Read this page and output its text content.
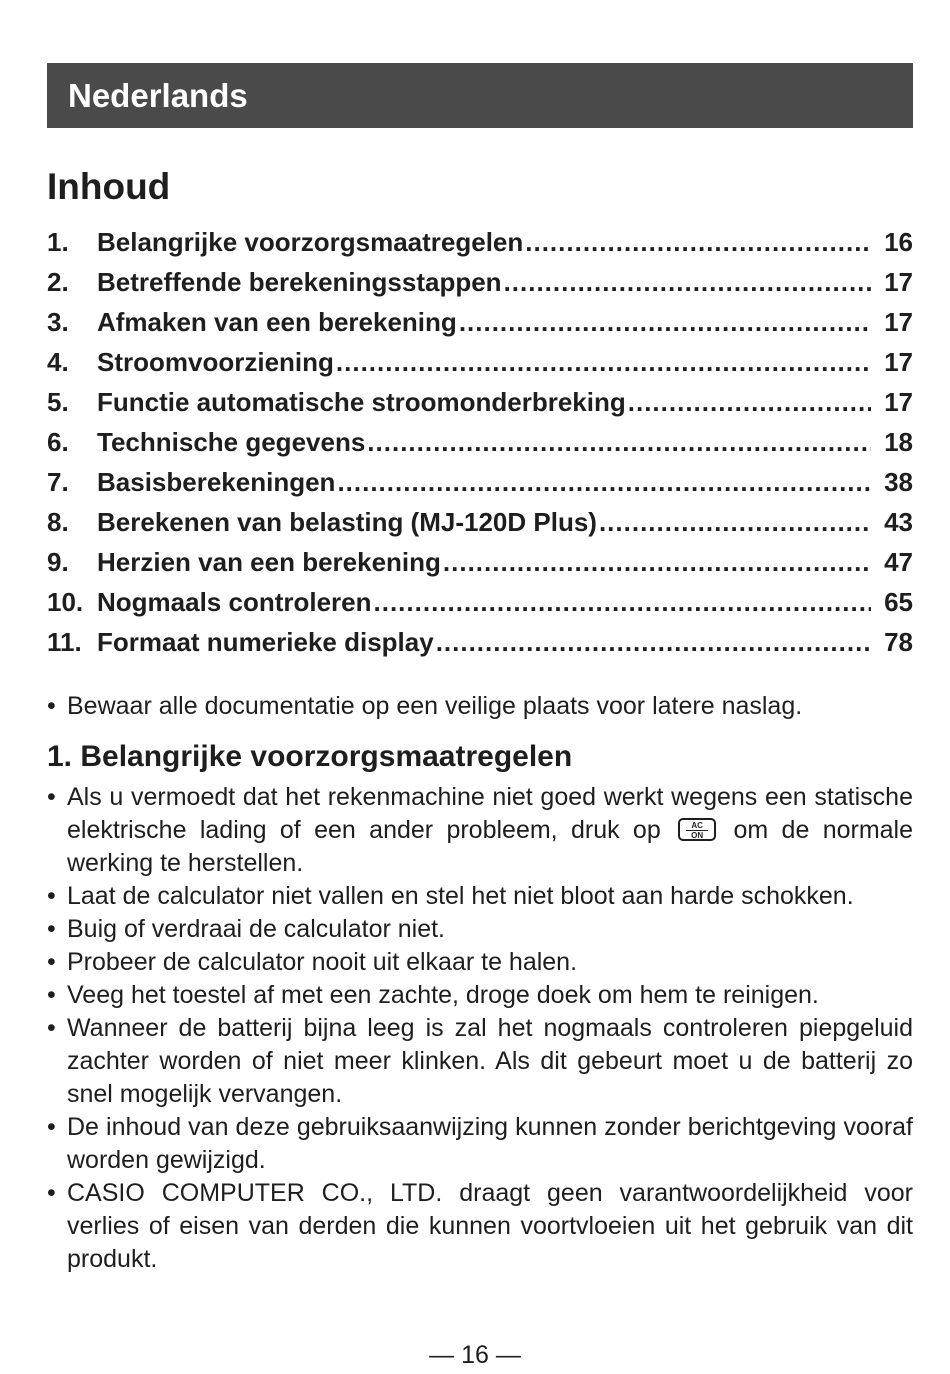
Nederlands
Inhoud
1.	Belangrijke voorzorgsmaatregelen .....	16
2.	Betreffende berekeningsstappen .....	17
3.	Afmaken van een berekening .....	17
4.	Stroomvoorziening .....	17
5.	Functie automatische stroomonderbreking .....	17
6.	Technische gegevens .....	18
7.	Basisberekeningen .....	38
8.	Berekenen van belasting (MJ-120D Plus) .....	43
9.	Herzien van een berekening .....	47
10. Nogmaals controleren .....	65
11. Formaat numerieke display .....	78
• Bewaar alle documentatie op een veilige plaats voor latere naslag.
1. Belangrijke voorzorgsmaatregelen
• Als u vermoedt dat het rekenmachine niet goed werkt wegens een statische elektrische lading of een ander probleem, druk op $\frac{AC}{ON}$ om de normale werking te herstellen.
• Laat de calculator niet vallen en stel het niet bloot aan harde schokken.
• Buig of verdraai de calculator niet.
• Probeer de calculator nooit uit elkaar te halen.
• Veeg het toestel af met een zachte, droge doek om hem te reinigen.
• Wanneer de batterij bijna leeg is zal het nogmaals controleren piepgeluid zachter worden of niet meer klinken. Als dit gebeurt moet u de batterij zo snel mogelijk vervangen.
• De inhoud van deze gebruiksaanwijzing kunnen zonder berichtgeving vooraf worden gewijzigd.
• CASIO COMPUTER CO., LTD. draagt geen varantwoordelijkheid voor verlies of eisen van derden die kunnen voortvloeien uit het gebruik van dit produkt.
— 16 —
